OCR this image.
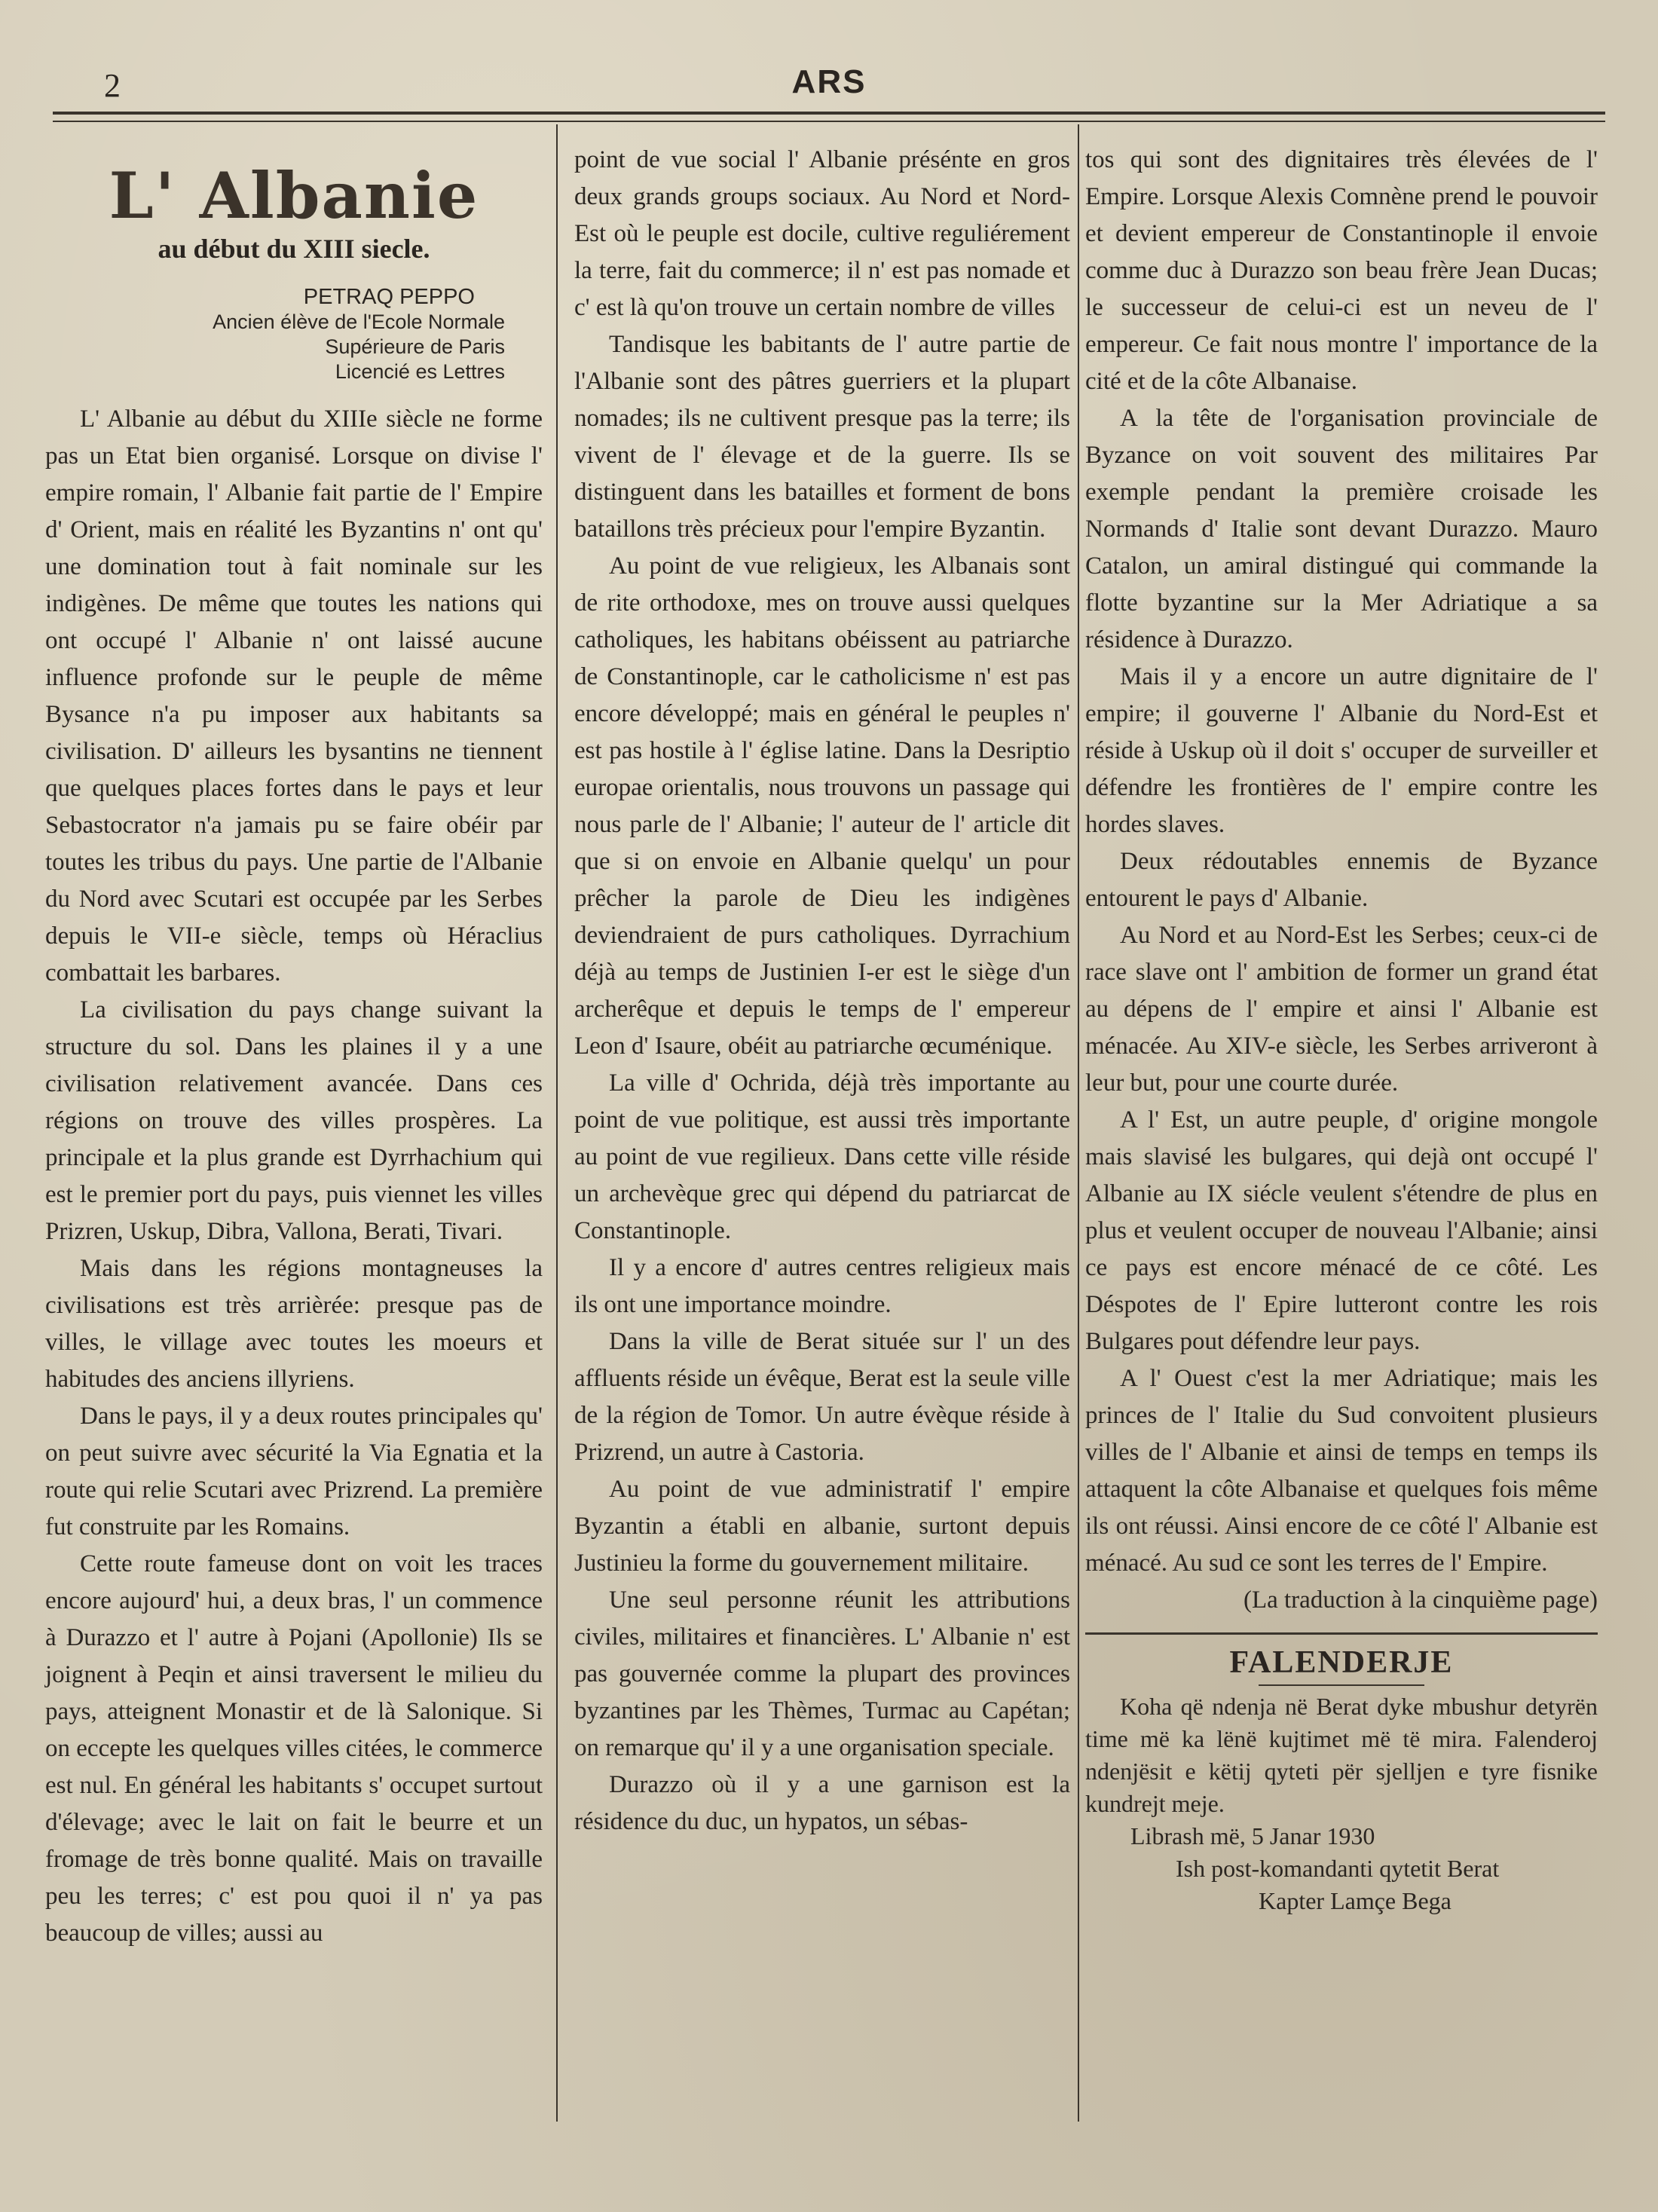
2	ARS
L' Albanie
au début du XIII siecle.
PETRAQ PEPPO
Ancien élève de l'Ecole Normale
Supérieure de Paris
Licencié es Lettres

L' Albanie au début du XIIIe siècle ne forme pas un Etat bien organisé. Lorsque on divise l' empire romain, l' Albanie fait partie de l' Empire d' Orient, mais en réalité les Byzantins n' ont qu' une domination tout à fait nominale sur les indigènes. De même que toutes les nations qui ont occupé l' Albanie n' ont laissé aucune influence profonde sur le peuple de même Bysance n'a pu imposer aux habitants sa civilisation. D' ailleurs les bysantins ne tiennent que quelques places fortes dans le pays et leur Sebastocrator n'a jamais pu se faire obéir par toutes les tribus du pays. Une partie de l'Albanie du Nord avec Scutari est occupée par les Serbes depuis le VII-e siècle, temps où Héraclius combattait les barbares.

La civilisation du pays change suivant la structure du sol. Dans les plaines il y a une civilisation relativement avancée. Dans ces régions on trouve des villes prospères. La principale et la plus grande est Dyrrhachium qui est le premier port du pays, puis viennet les villes Prizren, Uskup, Dibra, Vallona, Berati, Tivari.

Mais dans les régions montagneuses la civilisations est très arrièrée: presque pas de villes, le village avec toutes les moeurs et habitudes des anciens illyriens.

Dans le pays, il y a deux routes principales qu' on peut suivre avec sécurité la Via Egnatia et la route qui relie Scutari avec Prizrend. La première fut construite par les Romains.

Cette route fameuse dont on voit les traces encore aujourd' hui, a deux bras, l' un commence à Durazzo et l' autre à Pojani (Apollonie) Ils se joignent à Peqin et ainsi traversent le milieu du pays, atteignent Monastir et de là Salonique. Si on eccepte les quelques villes citées, le commerce est nul. En général les habitants s' occupet surtout d'élevage; avec le lait on fait le beurre et un fromage de très bonne qualité. Mais on travaille peu les terres; c' est pou quoi il n' ya pas beaucoup de villes; aussi au

point de vue social l' Albanie présénte en gros deux grands groups sociaux. Au Nord et Nord-Est où le peuple est docile, cultive reguliérement la terre, fait du commerce; il n' est pas nomade et c' est là qu'on trouve un certain nombre de villes

Tandisque les babitants de l' autre partie de l'Albanie sont des pâtres guerriers et la plupart nomades; ils ne cultivent presque pas la terre; ils vivent de l' élevage et de la guerre. Ils se distinguent dans les batailles et forment de bons bataillons très précieux pour l'empire Byzantin.

Au point de vue religieux, les Albanais sont de rite orthodoxe, mes on trouve aussi quelques catholiques, les habitans obéissent au patriarche de Constantinople, car le catholicisme n' est pas encore développé; mais en général le peuples n' est pas hostile à l' église latine. Dans la Desriptio europae orientalis, nous trouvons un passage qui nous parle de l' Albanie; l' auteur de l' article dit que si on envoie en Albanie quelqu' un pour prêcher la parole de Dieu les indigènes deviendraient de purs catholiques. Dyrrachium déjà au temps de Justinien I-er est le siège d'un archerêque et depuis le temps de l' empereur Leon d' Isaure, obéit au patriarche œcuménique.

La ville d' Ochrida, déjà très importante au point de vue politique, est aussi très importante au point de vue regilieux. Dans cette ville réside un archevèque grec qui dépend du patriarcat de Constantinople.

Il y a encore d' autres centres religieux mais ils ont une importance moindre.

Dans la ville de Berat située sur l' un des affluents réside un évêque, Berat est la seule ville de la région de Tomor. Un autre évèque réside à Prizrend, un autre à Castoria.

Au point de vue administratif l' empire Byzantin a établi en albanie, surtont depuis Justinieu la forme du gouvernement militaire.

Une seul personne réunit les attributions civiles, militaires et financières. L' Albanie n' est pas gouvernée comme la plupart des provinces byzantines par les Thèmes, Turmac au Capétan; on remarque qu' il y a une organisation speciale.

Durazzo où il y a une garnison est la résidence du duc, un hypatos, un sébas-

tos qui sont des dignitaires très élevées de l' Empire. Lorsque Alexis Comnène prend le pouvoir et devient empereur de Constantinople il envoie comme duc à Durazzo son beau frère Jean Ducas; le successeur de celui-ci est un neveu de l' empereur. Ce fait nous montre l' importance de la cité et de la côte Albanaise.

A la tête de l'organisation provinciale de Byzance on voit souvent des militaires Par exemple pendant la première croisade les Normands d' Italie sont devant Durazzo. Mauro Catalon, un amiral distingué qui commande la flotte byzantine sur la Mer Adriatique a sa résidence à Durazzo.

Mais il y a encore un autre dignitaire de l' empire; il gouverne l' Albanie du Nord-Est et réside à Uskup où il doit s' occuper de surveiller et défendre les frontières de l' empire contre les hordes slaves.

Deux rédoutables ennemis de Byzance entourent le pays d' Albanie.

Au Nord et au Nord-Est les Serbes; ceux-ci de race slave ont l' ambition de former un grand état au dépens de l' empire et ainsi l' Albanie est ménacée. Au XIV-e siècle, les Serbes arriveront à leur but, pour une courte durée.

A l' Est, un autre peuple, d' origine mongole mais slavisé les bulgares, qui dejà ont occupé l' Albanie au IX siécle veulent s'étendre de plus en plus et veulent occuper de nouveau l'Albanie; ainsi ce pays est encore ménacé de ce côté. Les Déspotes de l' Epire lutteront contre les rois Bulgares pout défendre leur pays.

A l' Ouest c'est la mer Adriatique; mais les princes de l' Italie du Sud convoitent plusieurs villes de l' Albanie et ainsi de temps en temps ils attaquent la côte Albanaise et quelques fois même ils ont réussi. Ainsi encore de ce côté l' Albanie est ménacé. Au sud ce sont les terres de l' Empire.

(La traduction à la cinquième page)

FALENDERJE

Koha që ndenja në Berat dyke mbushur detyrën time më ka lënë kujtimet më të mira. Falenderoj ndenjësit e këtij qyteti për sjelljen e tyre fisnike kundrejt meje.

Librash më, 5 Janar 1930

Ish post-komandanti qytetit Berat

Kapter Lamçe Bega
